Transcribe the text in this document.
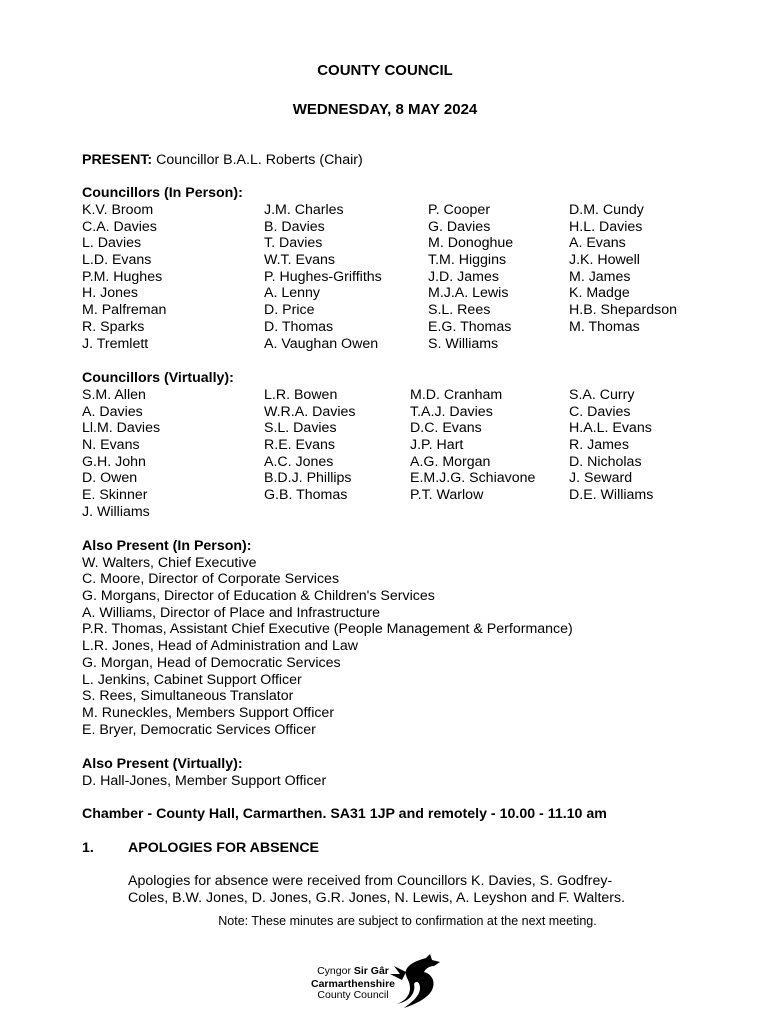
COUNTY COUNCIL
WEDNESDAY, 8 MAY 2024
PRESENT: Councillor B.A.L. Roberts (Chair)
Councillors (In Person):
K.V. Broom
C.A. Davies
L. Davies
L.D. Evans
P.M. Hughes
H. Jones
M. Palfreman
R. Sparks
J. Tremlett
J.M. Charles
B. Davies
T. Davies
W.T. Evans
P. Hughes-Griffiths
A. Lenny
D. Price
D. Thomas
A. Vaughan Owen
P. Cooper
G. Davies
M. Donoghue
T.M. Higgins
J.D. James
M.J.A. Lewis
S.L. Rees
E.G. Thomas
S. Williams
D.M. Cundy
H.L. Davies
A. Evans
J.K. Howell
M. James
K. Madge
H.B. Shepardson
M. Thomas
Councillors (Virtually):
S.M. Allen
A. Davies
Ll.M. Davies
N. Evans
G.H. John
D. Owen
E. Skinner
J. Williams
L.R. Bowen
W.R.A. Davies
S.L. Davies
R.E. Evans
A.C. Jones
B.D.J. Phillips
G.B. Thomas
M.D. Cranham
T.A.J. Davies
D.C. Evans
J.P. Hart
A.G. Morgan
E.M.J.G. Schiavone
P.T. Warlow
S.A. Curry
C. Davies
H.A.L. Evans
R. James
D. Nicholas
J. Seward
D.E. Williams
Also Present (In Person):
W. Walters, Chief Executive
C. Moore, Director of Corporate Services
G. Morgans, Director of Education & Children's Services
A. Williams, Director of Place and Infrastructure
P.R. Thomas, Assistant Chief Executive (People Management & Performance)
L.R. Jones, Head of Administration and Law
G. Morgan, Head of Democratic Services
L. Jenkins, Cabinet Support Officer
S. Rees, Simultaneous Translator
M. Runeckles, Members Support Officer
E. Bryer, Democratic Services Officer
Also Present (Virtually):
D. Hall-Jones, Member Support Officer
Chamber - County Hall, Carmarthen. SA31 1JP and remotely - 10.00 - 11.10 am
1. APOLOGIES FOR ABSENCE
Apologies for absence were received from Councillors K. Davies, S. Godfrey-
Coles, B.W. Jones, D. Jones, G.R. Jones, N. Lewis, A. Leyshon and F. Walters.
Note: These minutes are subject to confirmation at the next meeting.
Cyngor Sir Gâr
Carmarthenshire
County Council
